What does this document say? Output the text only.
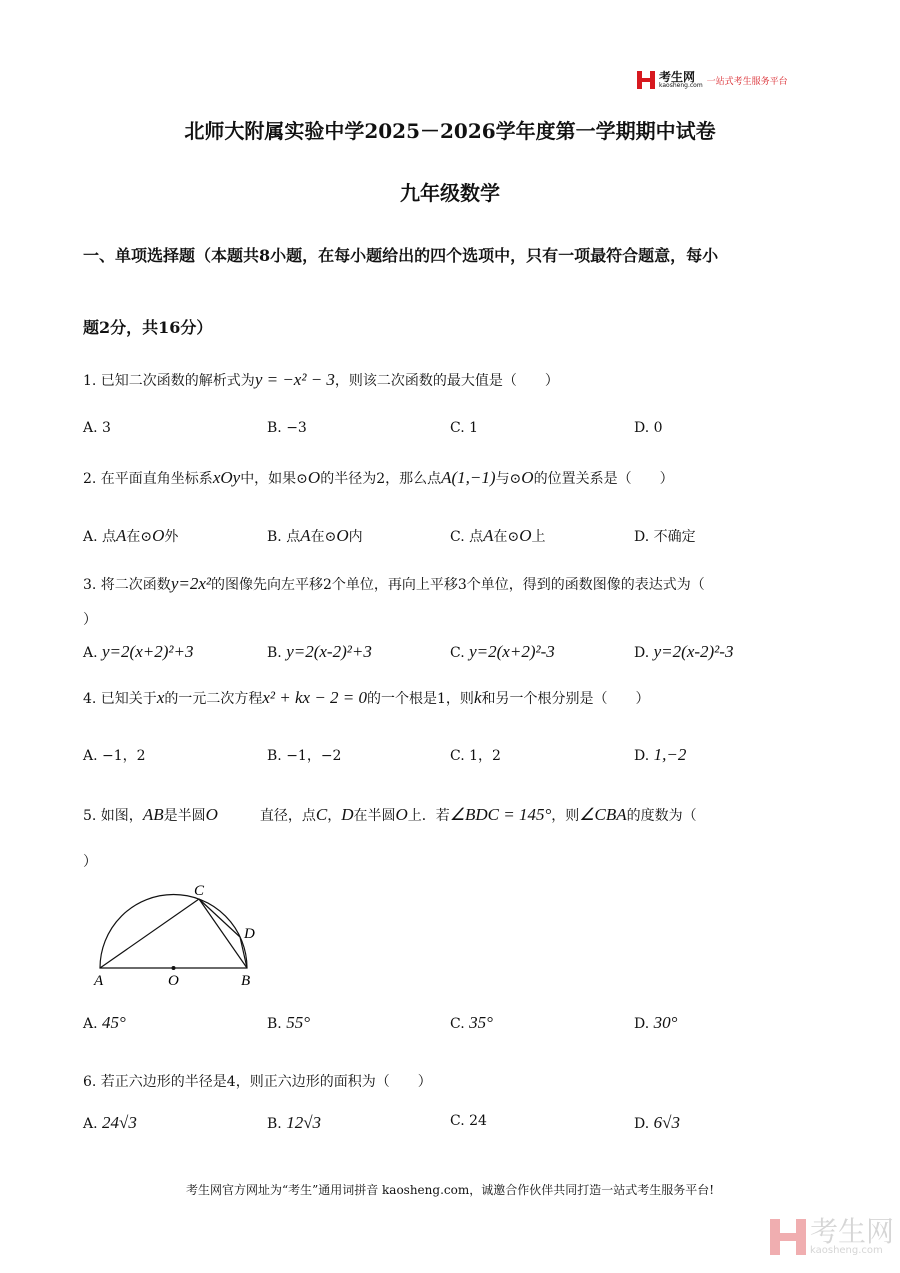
考生网
kaosheng.com 一站式考生服务平台
北师大附属实验中学2025－2026学年度第一学期期中试卷
九年级数学
一、单项选择题（本题共8小题，在每小题给出的四个选项中，只有一项最符合题意，每小
题2分，共16分）
1. 已知二次函数的解析式为y = −x² − 3，则该二次函数的最大值是（　　）
A. 3	B. −3	C. 1	D. 0
2. 在平面直角坐标系xOy中，如果⊙O的半径为2，那么点A(1,−1)与⊙O的位置关系是（　　）
A. 点A在⊙O外	B. 点A在⊙O内	C. 点A在⊙O上	D. 不确定
3. 将二次函数y=2x²的图像先向左平移2个单位，再向上平移3个单位，得到的函数图像的表达式为（
）
A. y=2(x+2)²+3	B. y=2(x-2)²+3	C. y=2(x+2)²-3	D. y=2(x-2)²-3
4. 已知关于x的一元二次方程x² + kx − 2 = 0的一个根是1，则k和另一个根分别是（　　）
A. −1，2	B. −1，−2	C. 1，2	D. 1,−2
5. 如图，AB是半圆O　　　直径，点C，D在半圆O上．若∠BDC = 145°，则∠CBA的度数为（
）
A. 45°	B. 55°	C. 35°	D. 30°
6. 若正六边形的半径是4，则正六边形的面积为（　　）
A. 24√3	B. 12√3	C. 24	D. 6√3
A	O	B
C
D
考生网官方网址为“考生”通用词拼音 kaosheng.com，诚邀合作伙伴共同打造一站式考生服务平台!
考生网
kaosheng.com
